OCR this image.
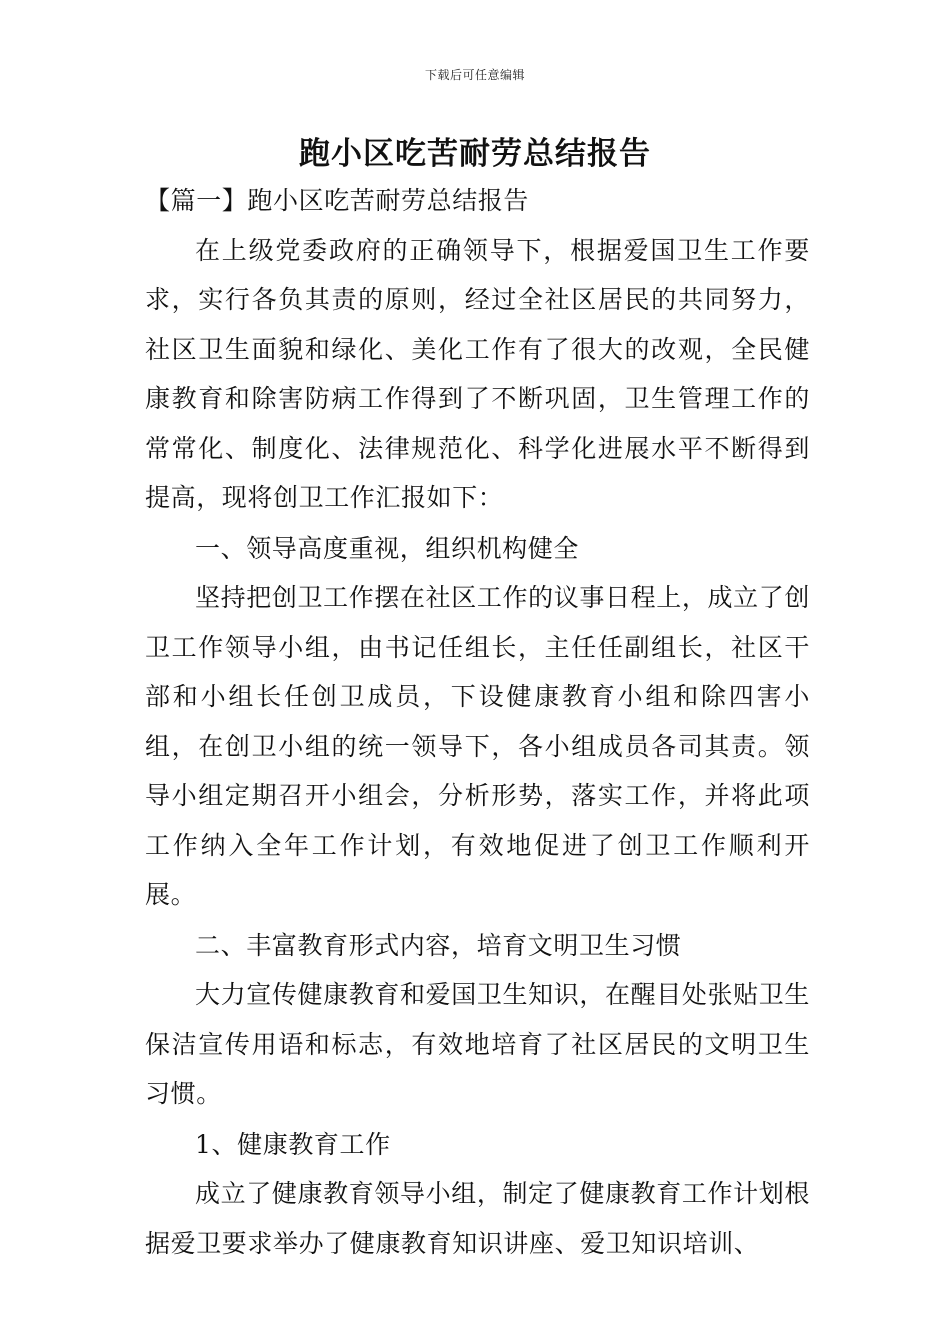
下载后可任意编辑
跑小区吃苦耐劳总结报告

【篇一】跑小区吃苦耐劳总结报告

在上级党委政府的正确领导下，根据爱国卫生工作要求，实行各负其责的原则，经过全社区居民的共同努力，社区卫生面貌和绿化、美化工作有了很大的改观，全民健康教育和除害防病工作得到了不断巩固，卫生管理工作的常常化、制度化、法律规范化、科学化进展水平不断得到提高，现将创卫工作汇报如下：

一、领导高度重视，组织机构健全

坚持把创卫工作摆在社区工作的议事日程上，成立了创卫工作领导小组，由书记任组长，主任任副组长，社区干部和小组长任创卫成员，下设健康教育小组和除四害小组，在创卫小组的统一领导下，各小组成员各司其责。领导小组定期召开小组会，分析形势，落实工作，并将此项工作纳入全年工作计划，有效地促进了创卫工作顺利开展。

二、丰富教育形式内容，培育文明卫生习惯

大力宣传健康教育和爱国卫生知识，在醒目处张贴卫生保洁宣传用语和标志，有效地培育了社区居民的文明卫生习惯。

1、健康教育工作

成立了健康教育领导小组，制定了健康教育工作计划根据爱卫要求举办了健康教育知识讲座、爱卫知识培训、
